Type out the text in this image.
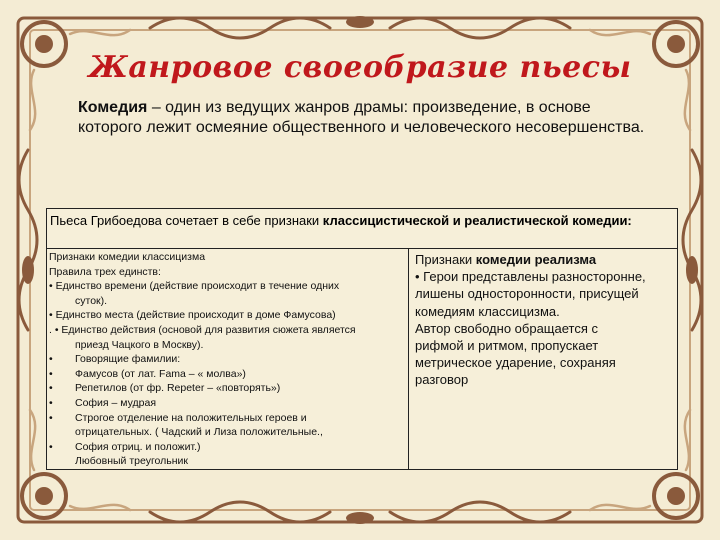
Жанровое своеобразие пьесы
Комедия – один из ведущих жанров драмы: произведение, в основе которого лежит осмеяние общественного и человеческого несовершенства.
Пьеса Грибоедова сочетает в себе признаки классицистической и реалистической комедии:
Признаки комедии классицизма
Правила трех единств:
• Единство времени (действие происходит в течение одних
суток).
• Единство места (действие происходит в доме Фамусова)
. • Единство действия (основой для развития сюжета является
приезд Чацкого в Москву).
•	Говорящие фамилии:
•	Фамусов (от лат. Fama – « молва»)
•	Репетилов (от фр. Repeter – «повторять»)
•	София – мудрая
•	Строгое отделение на положительных героев и
отрицательных. ( Чадский и Лиза положительные.,
•	София отриц. и положит.)
Любовный треугольник
Признаки комедии реализма
• Герои представлены разносторонне,
лишены односторонности, присущей
комедиям классицизма.
Автор свободно обращается с
рифмой и ритмом, пропускает
метрическое ударение, сохраняя
разговор
